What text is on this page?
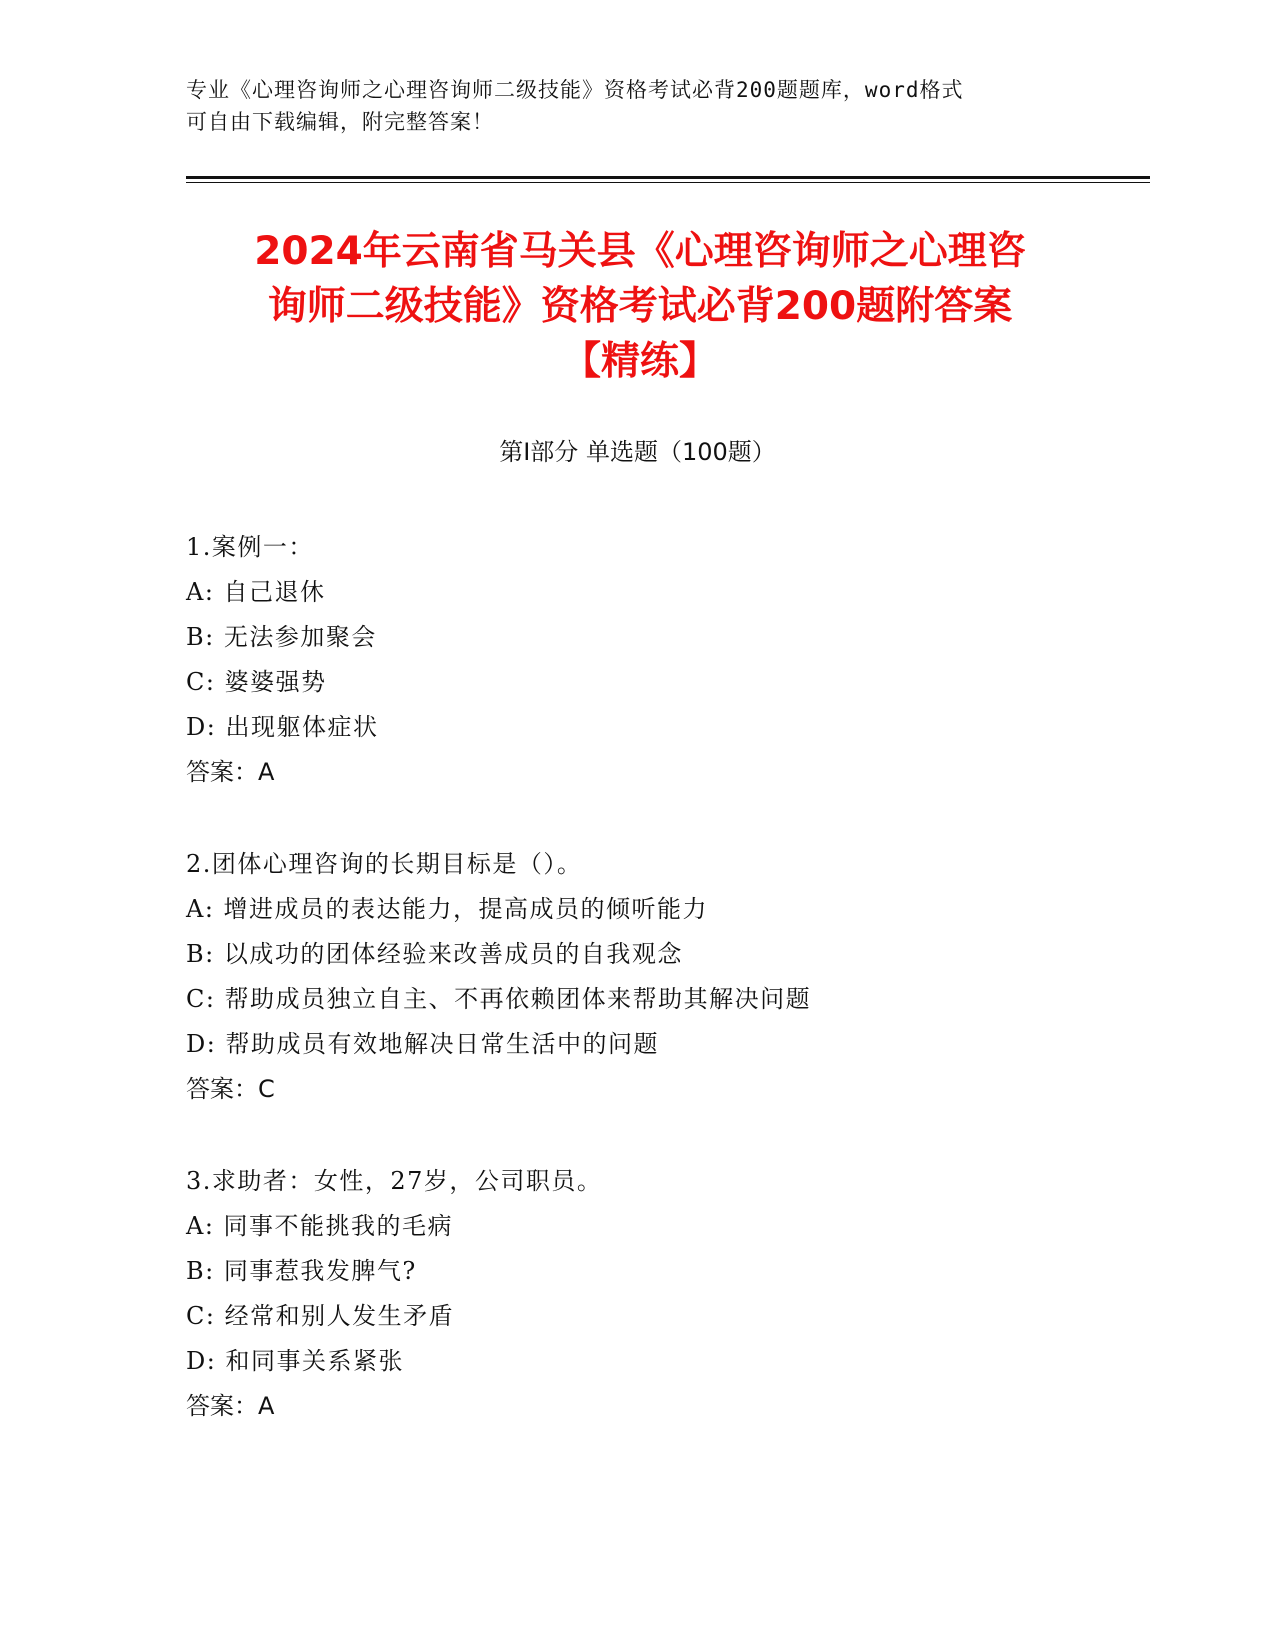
专业《心理咨询师之心理咨询师二级技能》资格考试必背200题题库，word格式
可自由下载编辑，附完整答案！
2024年云南省马关县《心理咨询师之心理咨
询师二级技能》资格考试必背200题附答案
【精练】
第Ⅰ部分 单选题（100题）
1.案例一：
A: 自己退休
B: 无法参加聚会
C: 婆婆强势
D: 出现躯体症状
答案：A
2.团体心理咨询的长期目标是（）。
A: 增进成员的表达能力，提高成员的倾听能力
B: 以成功的团体经验来改善成员的自我观念
C: 帮助成员独立自主、不再依赖团体来帮助其解决问题
D: 帮助成员有效地解决日常生活中的问题
答案：C
3.求助者：女性，27岁，公司职员。
A: 同事不能挑我的毛病
B: 同事惹我发脾气?
C: 经常和别人发生矛盾
D: 和同事关系紧张
答案：A
